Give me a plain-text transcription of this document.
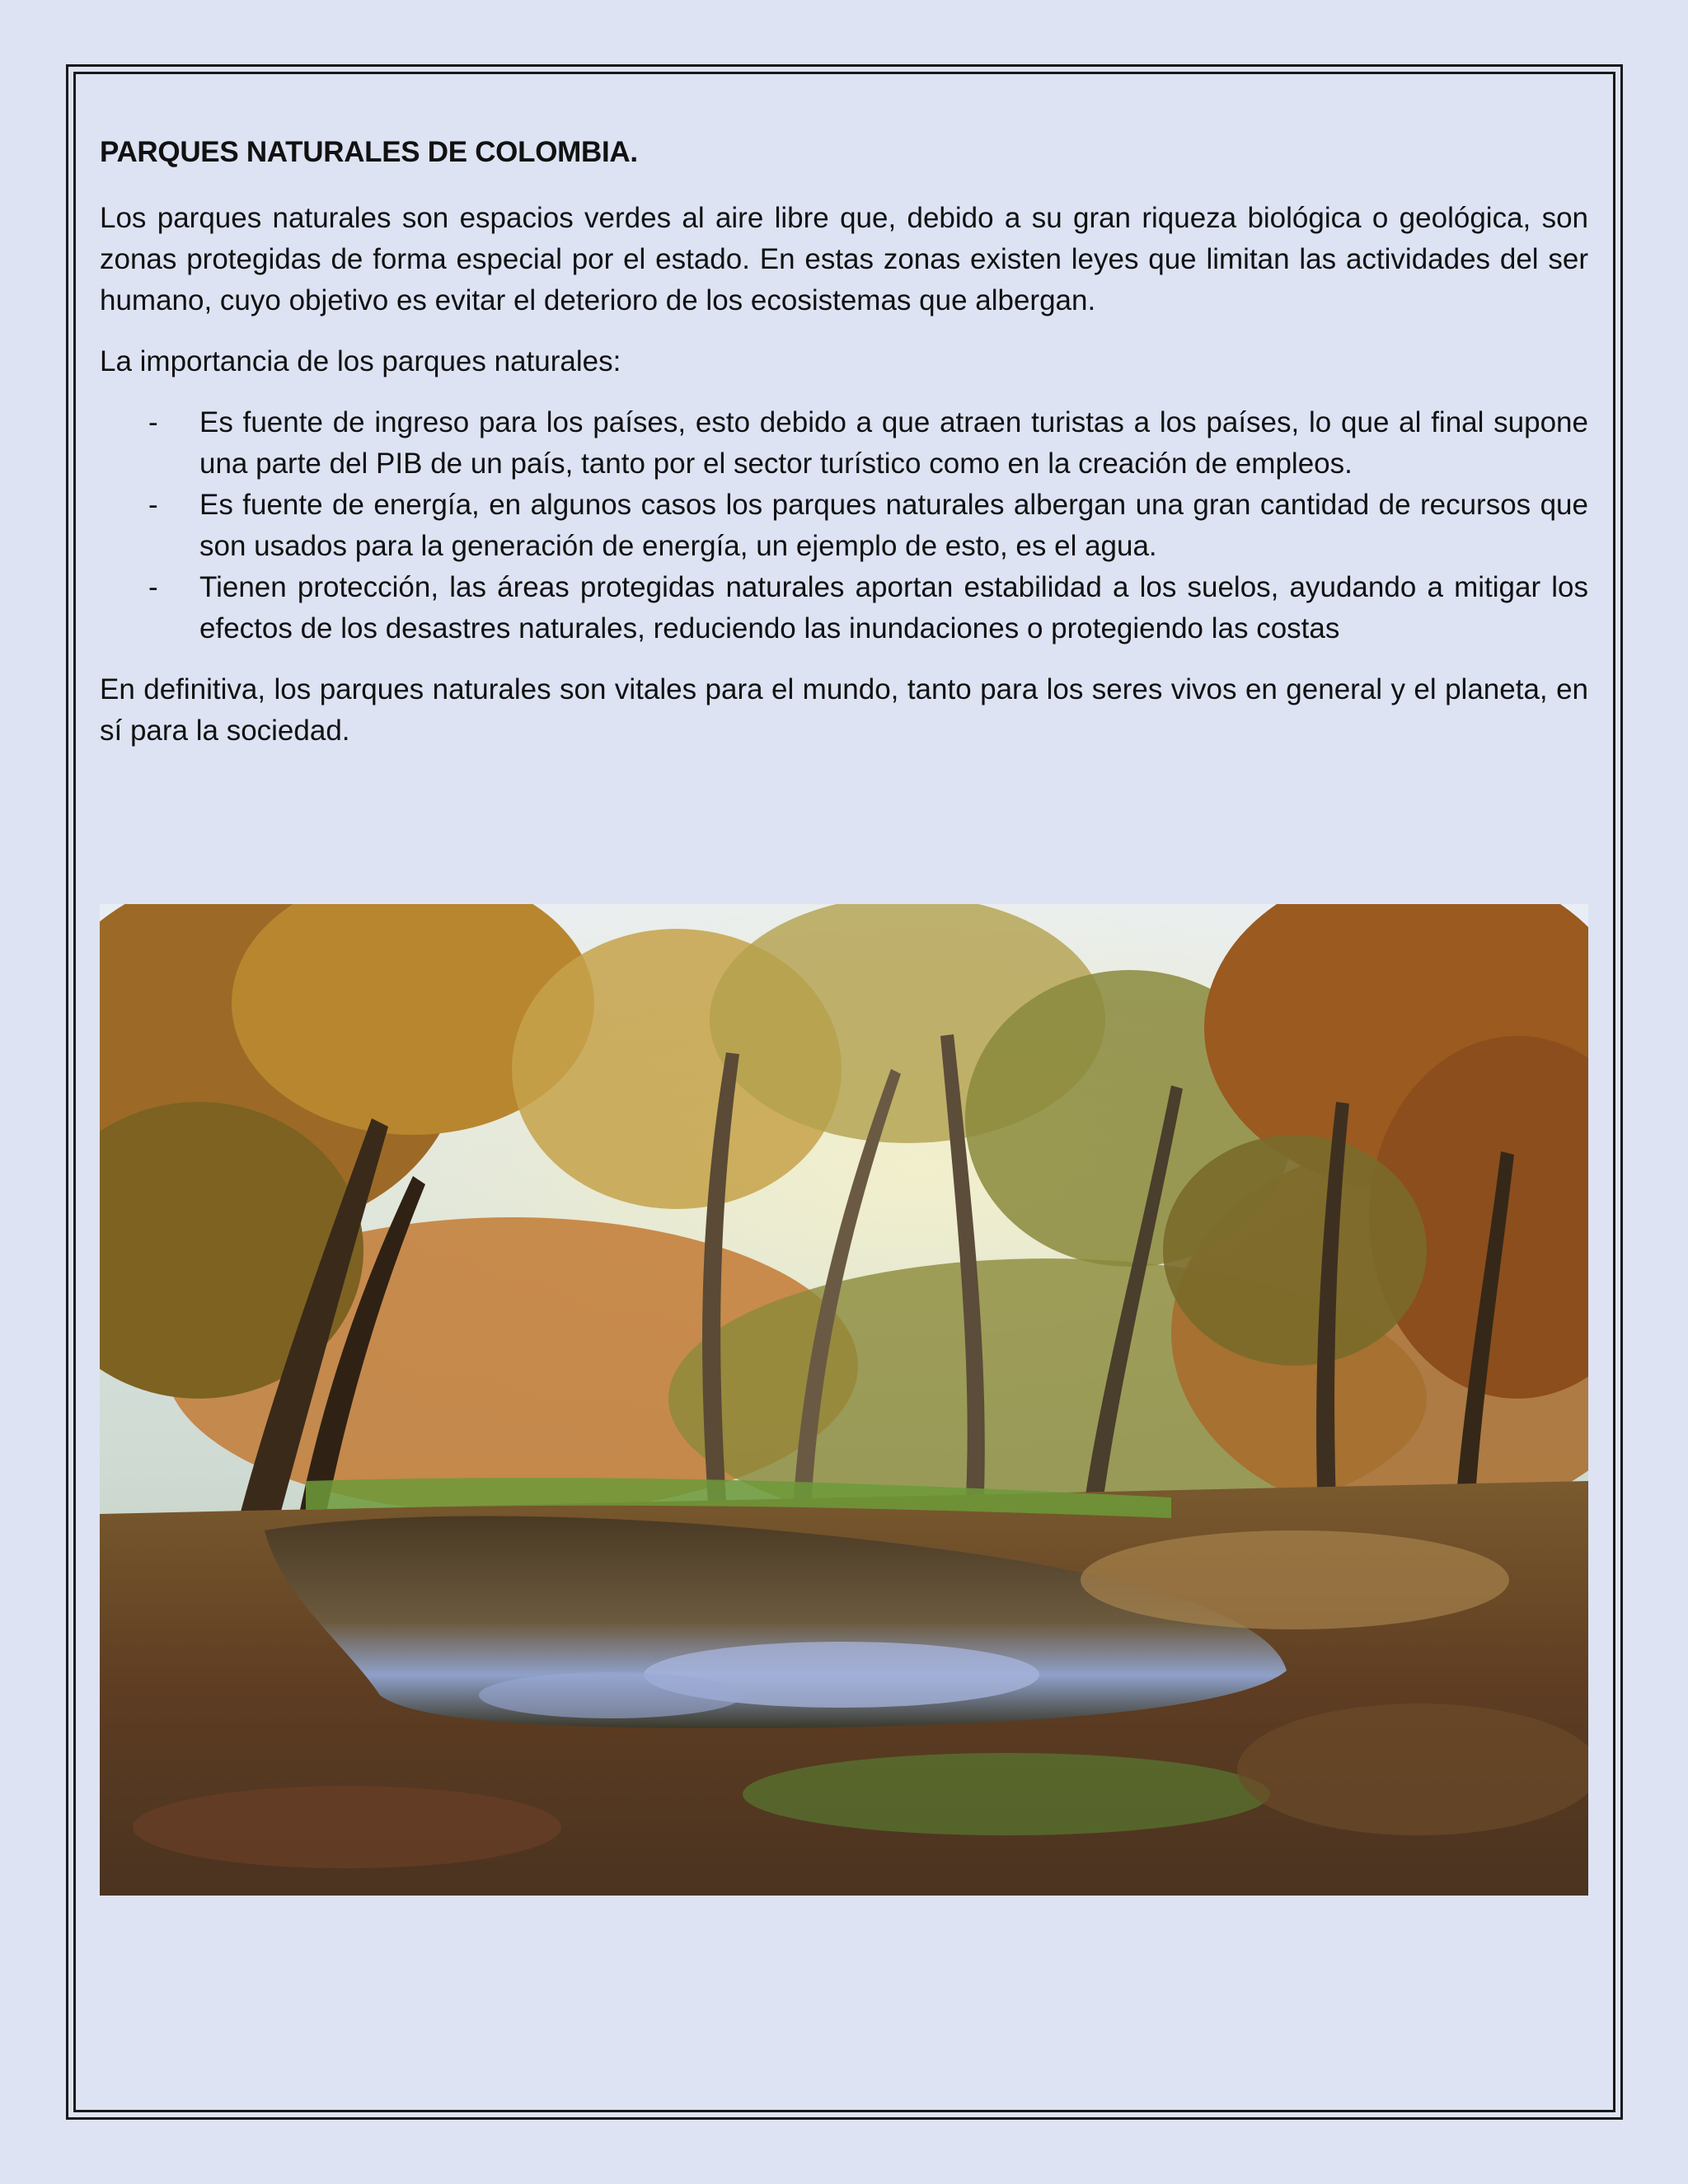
PARQUES NATURALES DE COLOMBIA.

Los parques naturales son espacios verdes al aire libre que, debido a su gran riqueza biológica o geológica, son zonas protegidas de forma especial por el estado. En estas zonas existen leyes que limitan las actividades del ser humano, cuyo objetivo es evitar el deterioro de los ecosistemas que albergan.

La importancia de los parques naturales:

- Es fuente de ingreso para los países, esto debido a que atraen turistas a los países, lo que al final supone una parte del PIB de un país, tanto por el sector turístico como en la creación de empleos.
- Es fuente de energía, en algunos casos los parques naturales albergan una gran cantidad de recursos que son usados para la generación de energía, un ejemplo de esto, es el agua.
- Tienen protección, las áreas protegidas naturales aportan estabilidad a los suelos, ayudando a mitigar los efectos de los desastres naturales, reduciendo las inundaciones o protegiendo las costas

En definitiva, los parques naturales son vitales para el mundo, tanto para los seres vivos en general y el planeta, en sí para la sociedad.
